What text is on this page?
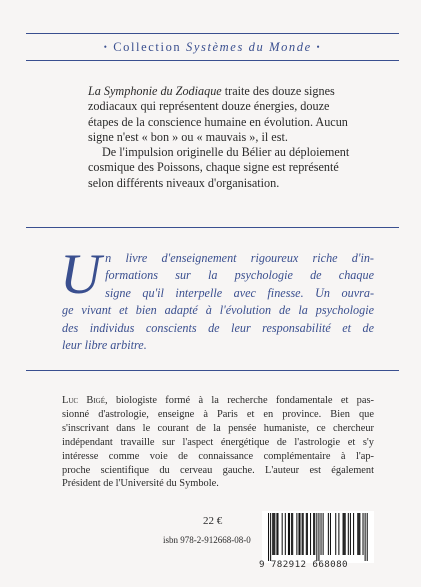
• Collection Systèmes du Monde •

La Symphonie du Zodiaque traite des douze signes zodiacaux qui représentent douze énergies, douze étapes de la conscience humaine en évolution. Aucun signe n'est « bon » ou « mauvais », il est.

De l'impulsion originelle du Bélier au déploiement cosmique des Poissons, chaque signe est représenté selon différents niveaux d'organisation.

U n livre d'enseignement rigoureux riche d'in-
formations sur la psychologie de chaque
signe qu'il interpelle avec finesse. Un ouvra-
ge vivant et bien adapté à l'évolution de la psychologie
des individus conscients de leur responsabilité et de
leur libre arbitre.
Luc Bigé, biologiste formé à la recherche fondamentale et pas-
sionné d'astrologie, enseigne à Paris et en province. Bien que
s'inscrivant dans le courant de la pensée humaniste, ce chercheur
indépendant travaille sur l'aspect énergétique de l'astrologie et s'y
intéresse comme voie de connaissance complémentaire à l'ap-
proche scientifique du cerveau gauche. L'auteur est également
Président de l'Université du Symbole.
22 €
isbn 978-2-912668-08-0
9 782912 668080
